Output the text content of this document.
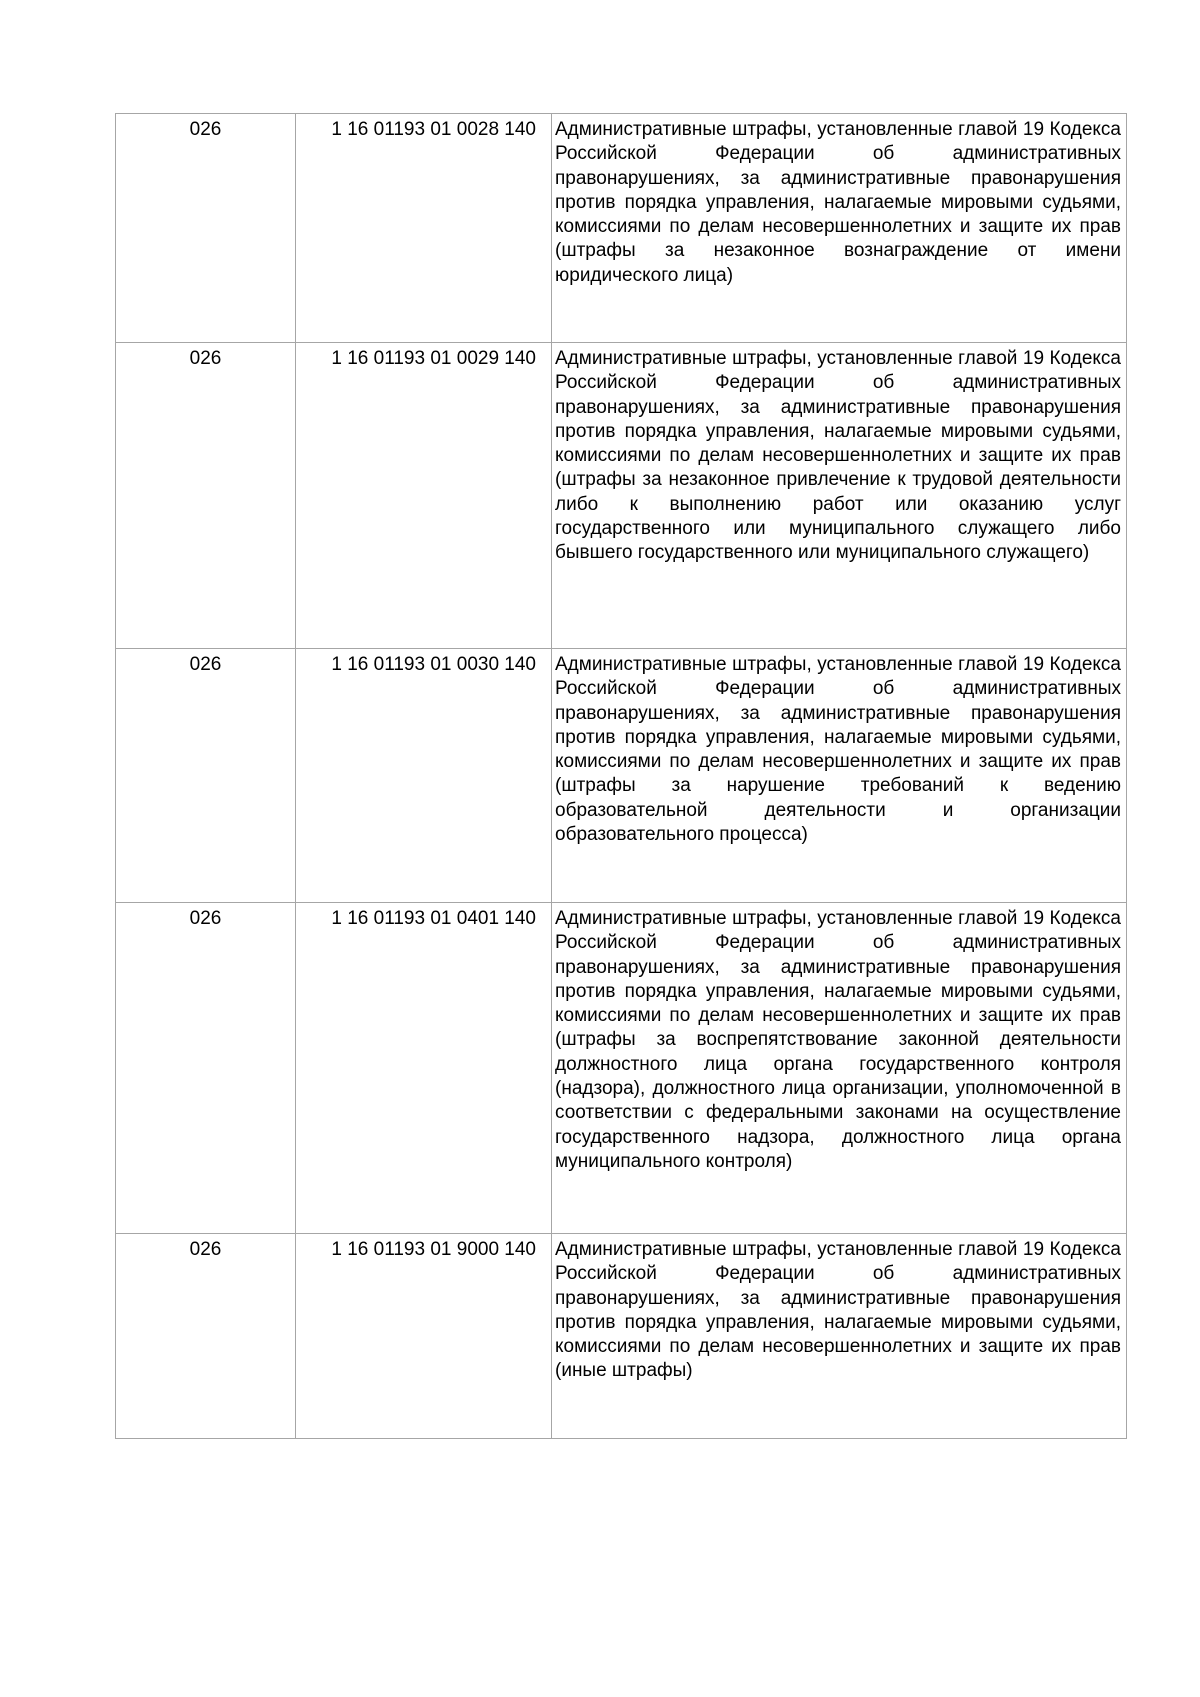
026	1 16 01193 01 0028 140	Административные штрафы, установленные главой 19 Кодекса Российской Федерации об административных правонарушениях, за административные правонарушения против порядка управления, налагаемые мировыми судьями, комиссиями по делам несовершеннолетних и защите их прав (штрафы за незаконное вознаграждение от имени юридического лица)
026	1 16 01193 01 0029 140	Административные штрафы, установленные главой 19 Кодекса Российской Федерации об административных правонарушениях, за административные правонарушения против порядка управления, налагаемые мировыми судьями, комиссиями по делам несовершеннолетних и защите их прав (штрафы за незаконное привлечение к трудовой деятельности либо к выполнению работ или оказанию услуг государственного или муниципального служащего либо бывшего государственного или муниципального служащего)
026	1 16 01193 01 0030 140	Административные штрафы, установленные главой 19 Кодекса Российской Федерации об административных правонарушениях, за административные правонарушения против порядка управления, налагаемые мировыми судьями, комиссиями по делам несовершеннолетних и защите их прав (штрафы за нарушение требований к ведению образовательной деятельности и организации образовательного процесса)
026	1 16 01193 01 0401 140	Административные штрафы, установленные главой 19 Кодекса Российской Федерации об административных правонарушениях, за административные правонарушения против порядка управления, налагаемые мировыми судьями, комиссиями по делам несовершеннолетних и защите их прав (штрафы за воспрепятствование законной деятельности должностного лица органа государственного контроля (надзора), должностного лица организации, уполномоченной в соответствии с федеральными законами на осуществление государственного надзора, должностного лица органа муниципального контроля)
026	1 16 01193 01 9000 140	Административные штрафы, установленные главой 19 Кодекса Российской Федерации об административных правонарушениях, за административные правонарушения против порядка управления, налагаемые мировыми судьями, комиссиями по делам несовершеннолетних и защите их прав (иные штрафы)
